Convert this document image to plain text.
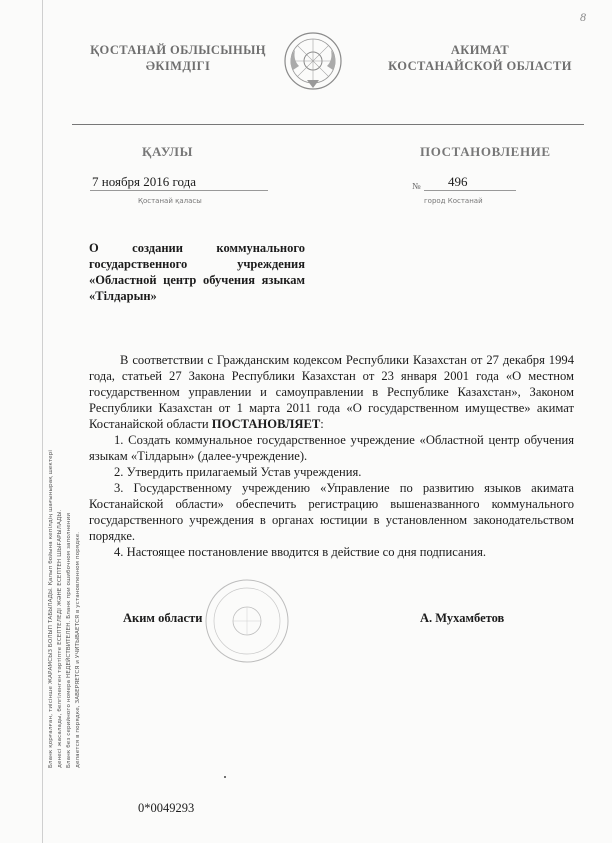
Бланк қорғалған, тиісінше ЖАРАМСЫЗ БОЛЫП ТАБЫЛАДЫ. Қалып бойына кепілдің шағынырақ шектері денесі жасалады, белгіленген тәртіпте ЕСЕПТЕЛЕДІ ЖӘНЕ ЕСЕПТЕН ШЫҒАРЫЛАДЫ. Бланк без серийного номера НЕДЕЙСТВИТЕЛЕН. Бланк при ошибочном заполнении делается в порядке, ЗАВЕРЯЕТСЯ и УЧИТЫВАЕТСЯ в установленном порядке.
8
ҚОСТАНАЙ ОБЛЫСЫНЫҢ
ӘКІМДІГІ
АКИМАТ
КОСТАНАЙСКОЙ ОБЛАСТИ
ҚАУЛЫ	ПОСТАНОВЛЕНИЕ
7 ноября 2016 года
Қостанай қаласы
№ 496
город Костанай
О создании коммунального государственного учреждения «Областной центр обучения языкам «Тілдарын»

В соответствии с Гражданским кодексом Республики Казахстан от 27 декабря 1994 года, статьей 27 Закона Республики Казахстан от 23 января 2001 года «О местном государственном управлении и самоуправлении в Республике Казахстан», Законом Республики Казахстан от 1 марта 2011 года «О государственном имуществе» акимат Костанайской области ПОСТАНОВЛЯЕТ:

1. Создать коммунальное государственное учреждение «Областной центр обучения языкам «Тілдарын» (далее-учреждение).

2. Утвердить прилагаемый Устав учреждения.

3. Государственному учреждению «Управление по развитию языков акимата Костанайской области» обеспечить регистрацию вышеназванного коммунального государственного учреждения в органах юстиции в установленном законодательством порядке.

4. Настоящее постановление вводится в действие со дня подписания.

Аким области	А. Мухамбетов
0*0049293
